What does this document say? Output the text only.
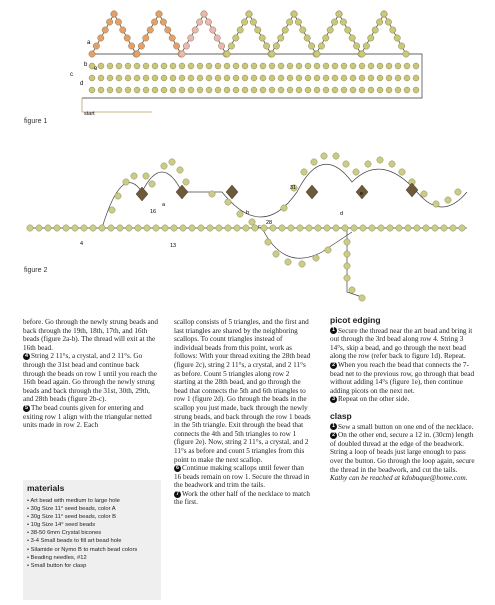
a
b
c
d
e
start
figure 1
16
13
31
28
4
a
b
c
d
e
figure 2

before. Go through the newly strung beads and back through the 19th, 18th, 17th, and 16th beads (figure 2a-b). The thread will exit at the 16th bead.

4 String 2 11°s, a crystal, and 2 11°s. Go through the 31st bead and continue back through the beads on row 1 until you reach the 16th bead again. Go through the newly strung beads and back through the 31st, 30th, 29th, and 28th beads (figure 2b-c).

5 The bead counts given for entering and exiting row 1 align with the triangular netted units made in row 2. Each

materials
• Art bead with medium to large hole
• 30g Size 11° seed beads, color A
• 30g Size 11° seed beads, color B
• 10g Size 14° seed beads
• 38-50 6mm Crystal bicones
• 3-4 Small beads to fill art bead hole
• Silamide or Nymo B to match bead colors
• Beading needles, #12
• Small button for clasp

scallop consists of 5 triangles, and the first and last triangles are shared by the neighboring scallops. To count triangles instead of individual beads from this point, work as follows: With your thread exiting the 28th bead (figure 2c), string 2 11°s, a crystal, and 2 11°s as before. Count 5 triangles along row 2 starting at the 28th bead, and go through the bead that connects the 5th and 6th triangles to row 1 (figure 2d). Go through the beads in the scallop you just made, back through the newly strung beads, and back through the row 1 beads in the 5th triangle. Exit through the bead that connects the 4th and 5th triangles to row 1 (figure 2e). Now, string 2 11°s, a crystal, and 2 11°s as before and count 5 triangles from this point to make the next scallop.

6 Continue making scallops until fewer than 16 beads remain on row 1. Secure the thread in the beadwork and trim the tails.

7 Work the other half of the necklace to match the first.

picot edging

1 Secure the thread near the art bead and bring it out through the 3rd bead along row 4. String 3 14°s, skip a bead, and go through the next bead along the row (refer back to figure 1d). Repeat.

2 When you reach the bead that connects the 7-bead net to the previous row, go through that bead without adding 14°s (figure 1e), then continue adding picots on the next net.

3 Repeat on the other side.

clasp

1 Sew a small button on one end of the necklace.

2 On the other end, secure a 12 in. (30cm) length of doubled thread at the edge of the beadwork. String a loop of beads just large enough to pass over the button. Go through the loop again, secure the thread in the beadwork, and cut the tails.

Kathy can be reached at kdobuque@home.com.
